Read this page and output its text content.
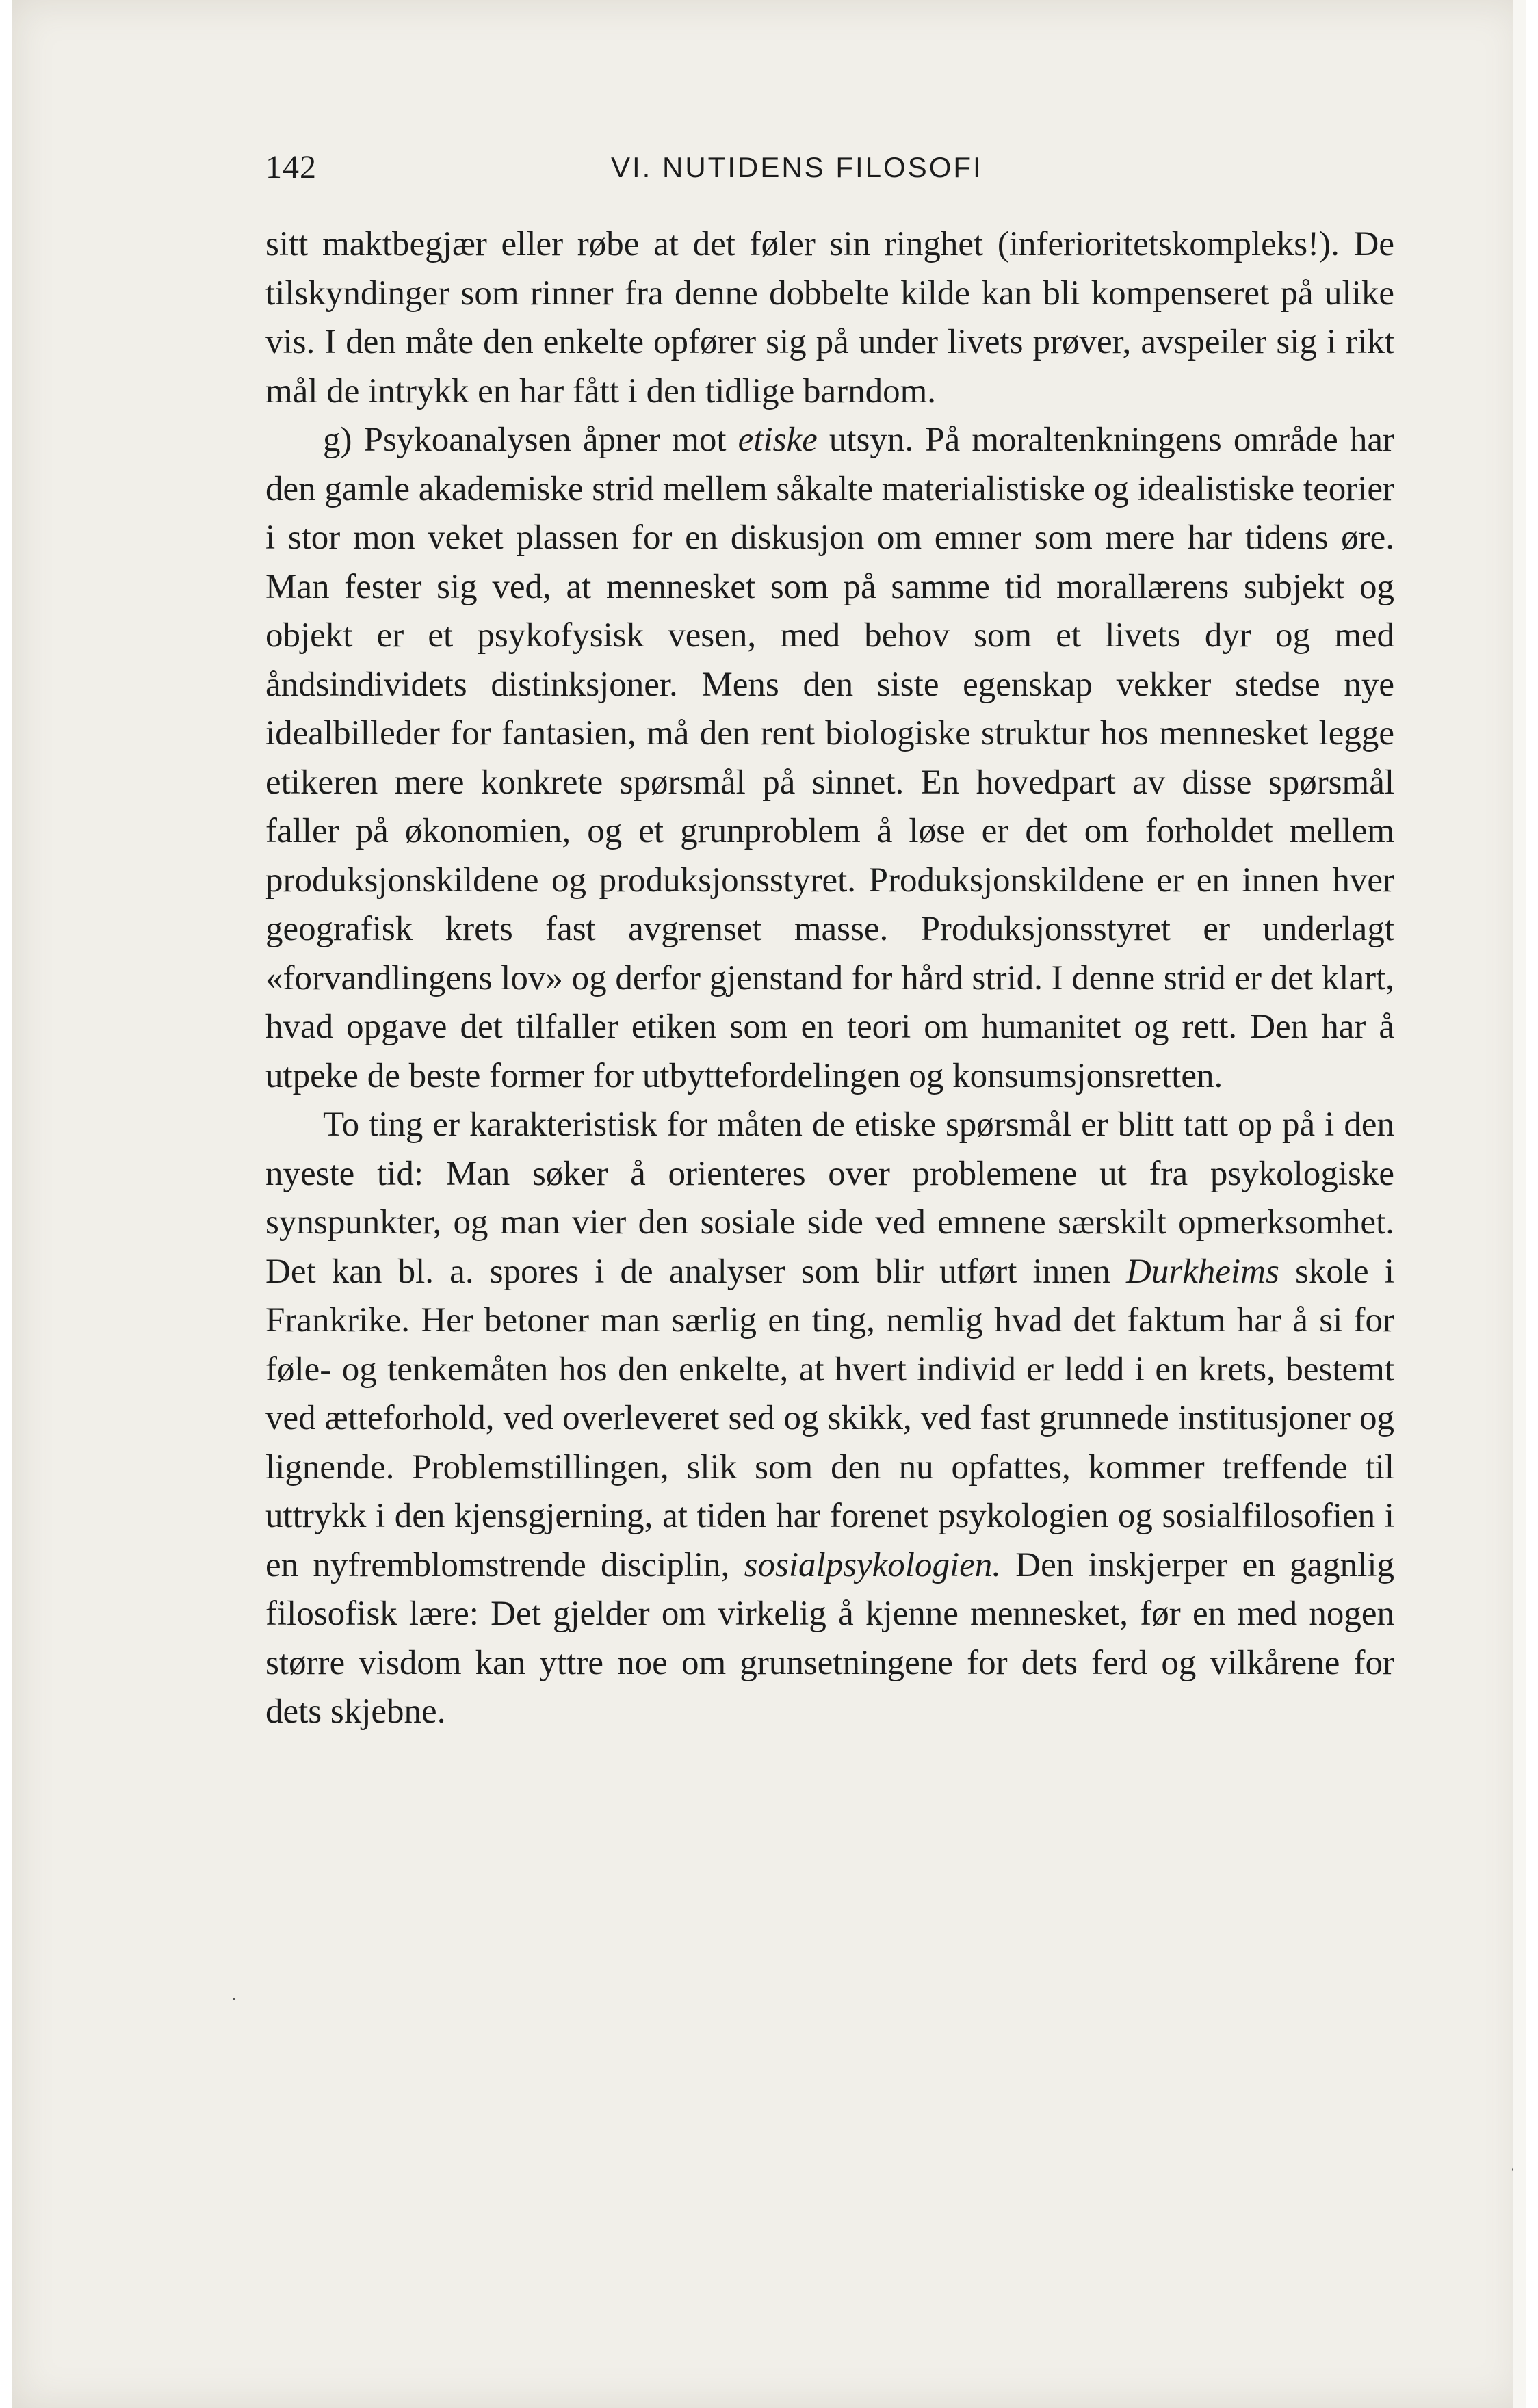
142	VI. NUTIDENS FILOSOFI

sitt maktbegjær eller røbe at det føler sin ringhet (inferioritetskompleks!). De tilskyndinger som rinner fra denne dobbelte kilde kan bli kompenseret på ulike vis. I den måte den enkelte opfører sig på under livets prøver, avspeiler sig i rikt mål de intrykk en har fått i den tidlige barndom.

g) Psykoanalysen åpner mot etiske utsyn. På moraltenkningens område har den gamle akademiske strid mellem såkalte materialistiske og idealistiske teorier i stor mon veket plassen for en diskusjon om emner som mere har tidens øre. Man fester sig ved, at mennesket som på samme tid morallærens subjekt og objekt er et psykofysisk vesen, med behov som et livets dyr og med åndsindividets distinksjoner. Mens den siste egenskap vekker stedse nye idealbilleder for fantasien, må den rent biologiske struktur hos mennesket legge etikeren mere konkrete spørsmål på sinnet. En hovedpart av disse spørsmål faller på økonomien, og et grunproblem å løse er det om forholdet mellem produksjonskildene og produksjonsstyret. Produksjonskildene er en innen hver geografisk krets fast avgrenset masse. Produksjonsstyret er underlagt «forvandlingens lov» og derfor gjenstand for hård strid. I denne strid er det klart, hvad opgave det tilfaller etiken som en teori om humanitet og rett. Den har å utpeke de beste former for utbyttefordelingen og konsumsjonsretten.

To ting er karakteristisk for måten de etiske spørsmål er blitt tatt op på i den nyeste tid: Man søker å orienteres over problemene ut fra psykologiske synspunkter, og man vier den sosiale side ved emnene særskilt opmerksomhet. Det kan bl. a. spores i de analyser som blir utført innen Durkheims skole i Frankrike. Her betoner man særlig en ting, nemlig hvad det faktum har å si for føle- og tenkemåten hos den enkelte, at hvert individ er ledd i en krets, bestemt ved ætteforhold, ved overleveret sed og skikk, ved fast grunnede institusjoner og lignende. Problemstillingen, slik som den nu opfattes, kommer treffende til uttrykk i den kjensgjerning, at tiden har forenet psykologien og sosialfilosofien i en nyfremblomstrende disciplin, sosialpsykologien. Den inskjerper en gagnlig filosofisk lære: Det gjelder om virkelig å kjenne mennesket, før en med nogen større visdom kan yttre noe om grunsetningene for dets ferd og vilkårene for dets skjebne.
